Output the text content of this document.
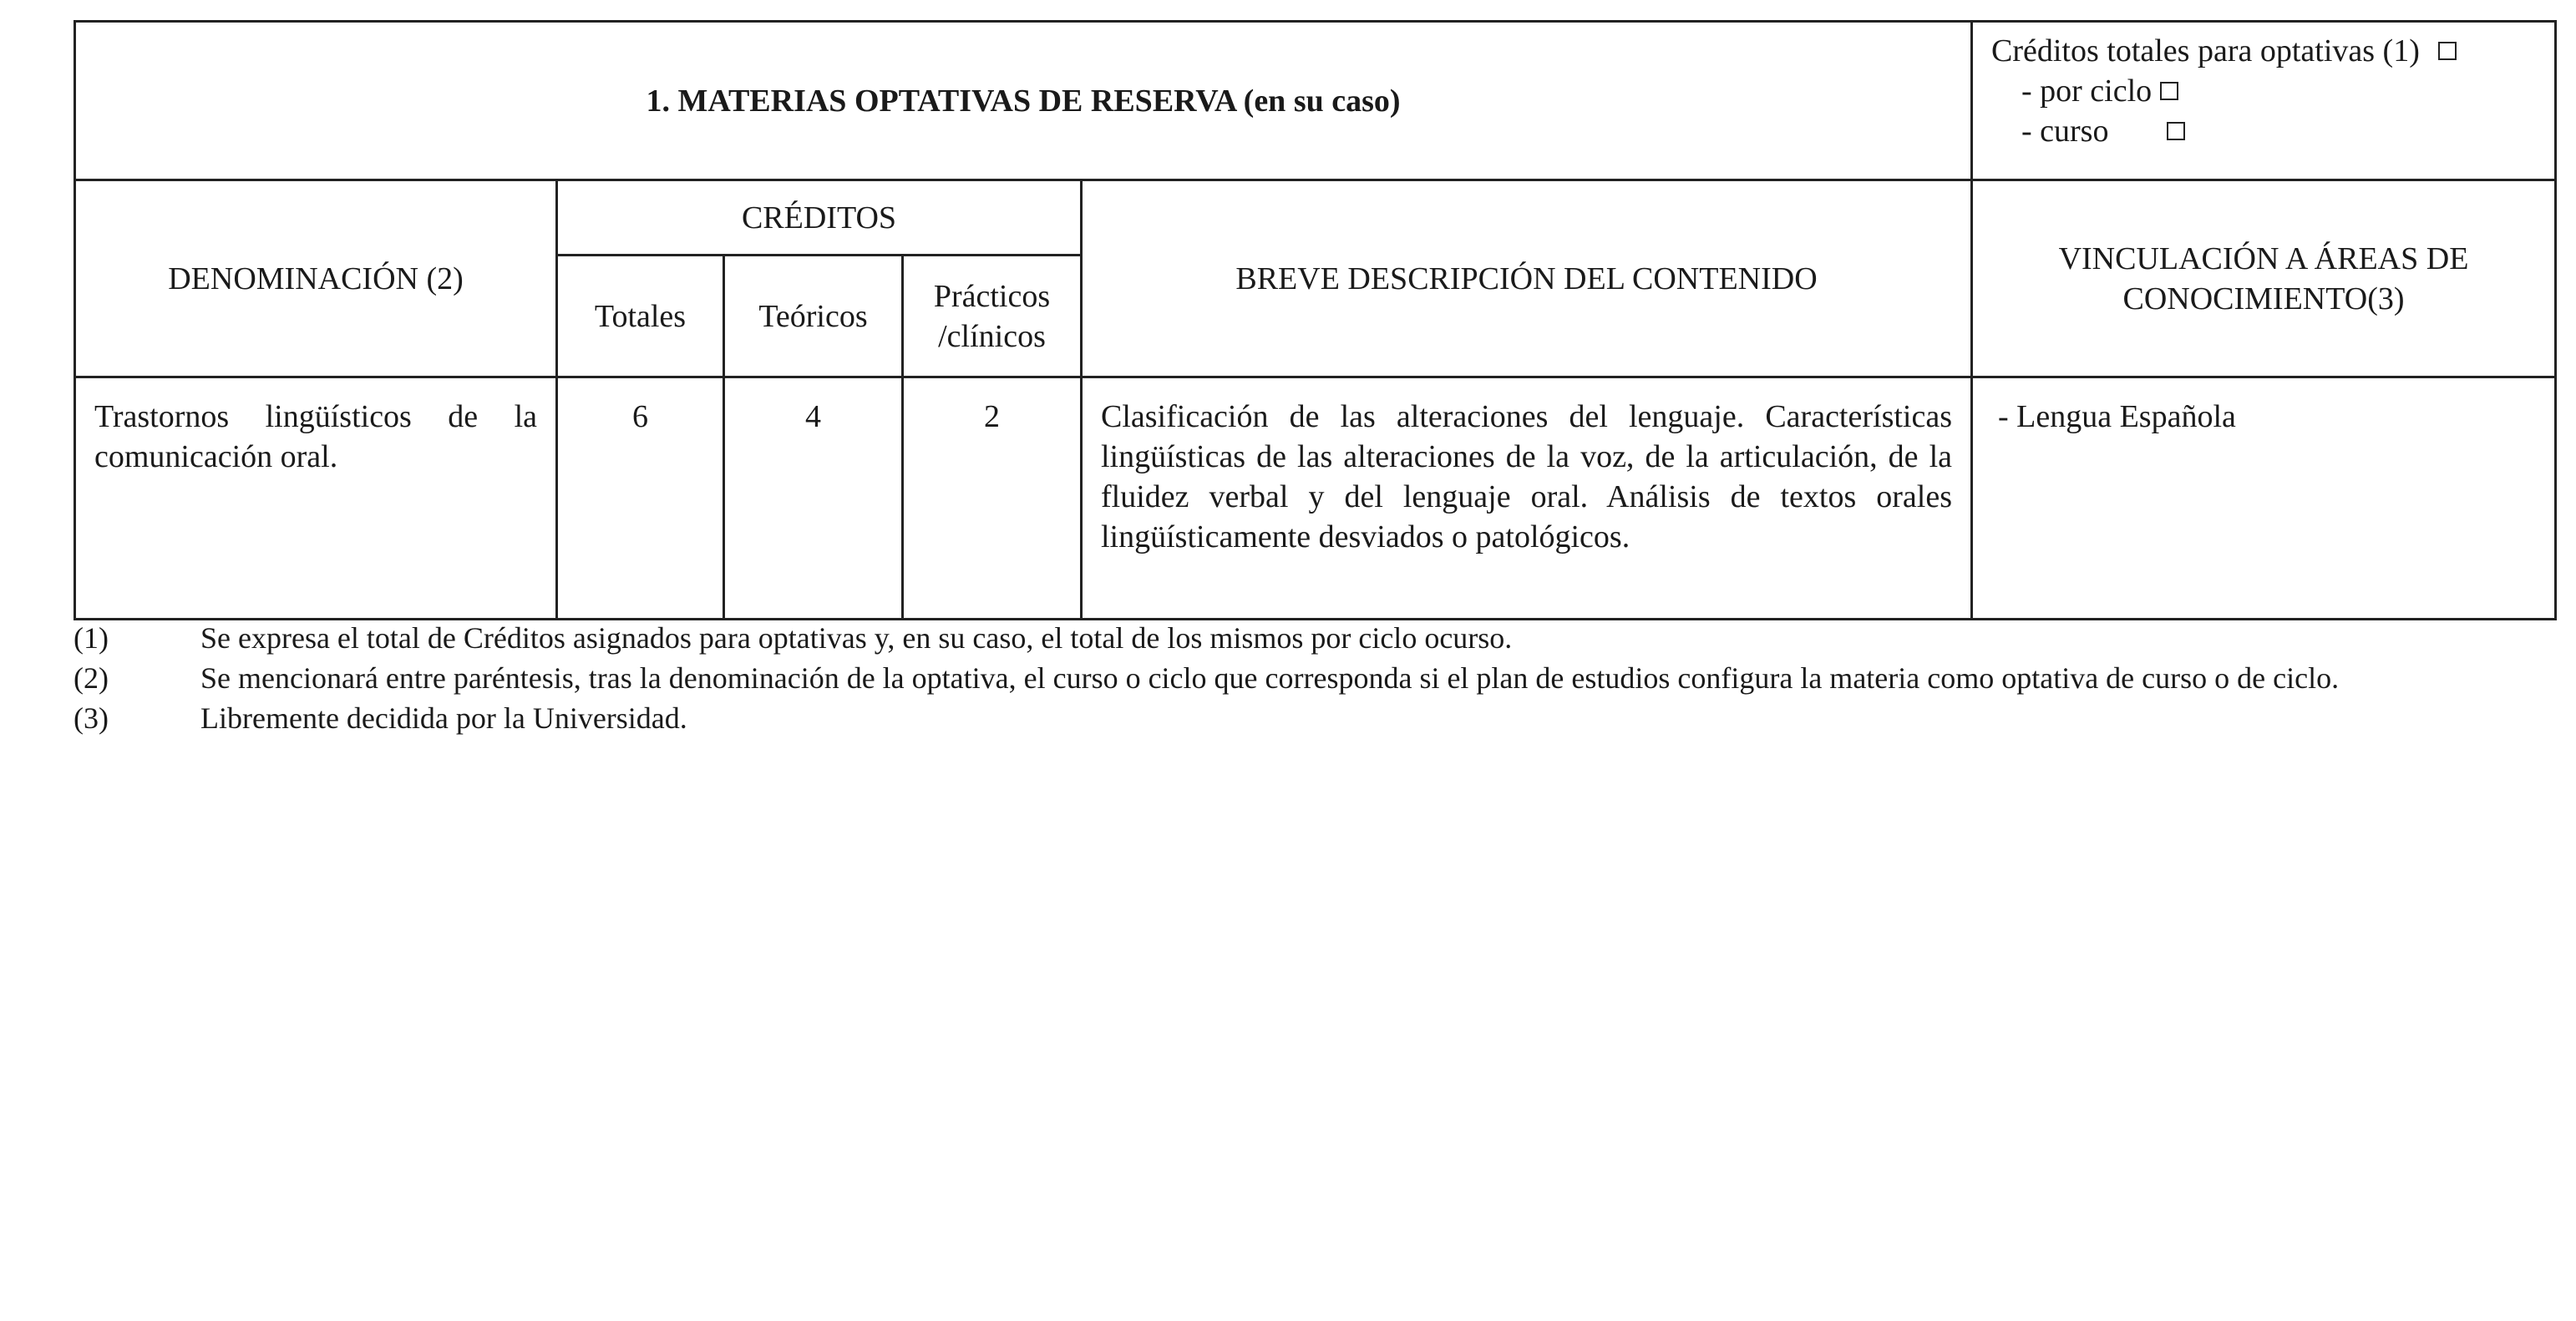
1. MATERIAS OPTATIVAS DE RESERVA (en su caso)					Créditos totales para optativas (1)
- por ciclo
- curso

DENOMINACIÓN (2)	CRÉDITOS			BREVE DESCRIPCIÓN DEL CONTENIDO	VINCULACIÓN A ÁREAS DE CONOCIMIENTO(3)
	Totales	Teóricos	Prácticos /clínicos		
Trastornos lingüísticos de la comunicación oral.	6	4	2	Clasificación de las alteraciones del lenguaje. Características lingüísticas de las alteraciones de la voz, de la articulación, de la fluidez verbal y del lenguaje oral. Análisis de textos orales lingüísticamente desviados o patológicos.	- Lengua Española
(1)	Se expresa el total de Créditos asignados para optativas y, en su caso, el total de los mismos por ciclo ocurso.
(2)	Se mencionará entre paréntesis, tras la denominación de la optativa, el curso o ciclo que corresponda si el plan de estudios configura la materia como optativa de curso o de ciclo.
(3)	Libremente decidida por la Universidad.
